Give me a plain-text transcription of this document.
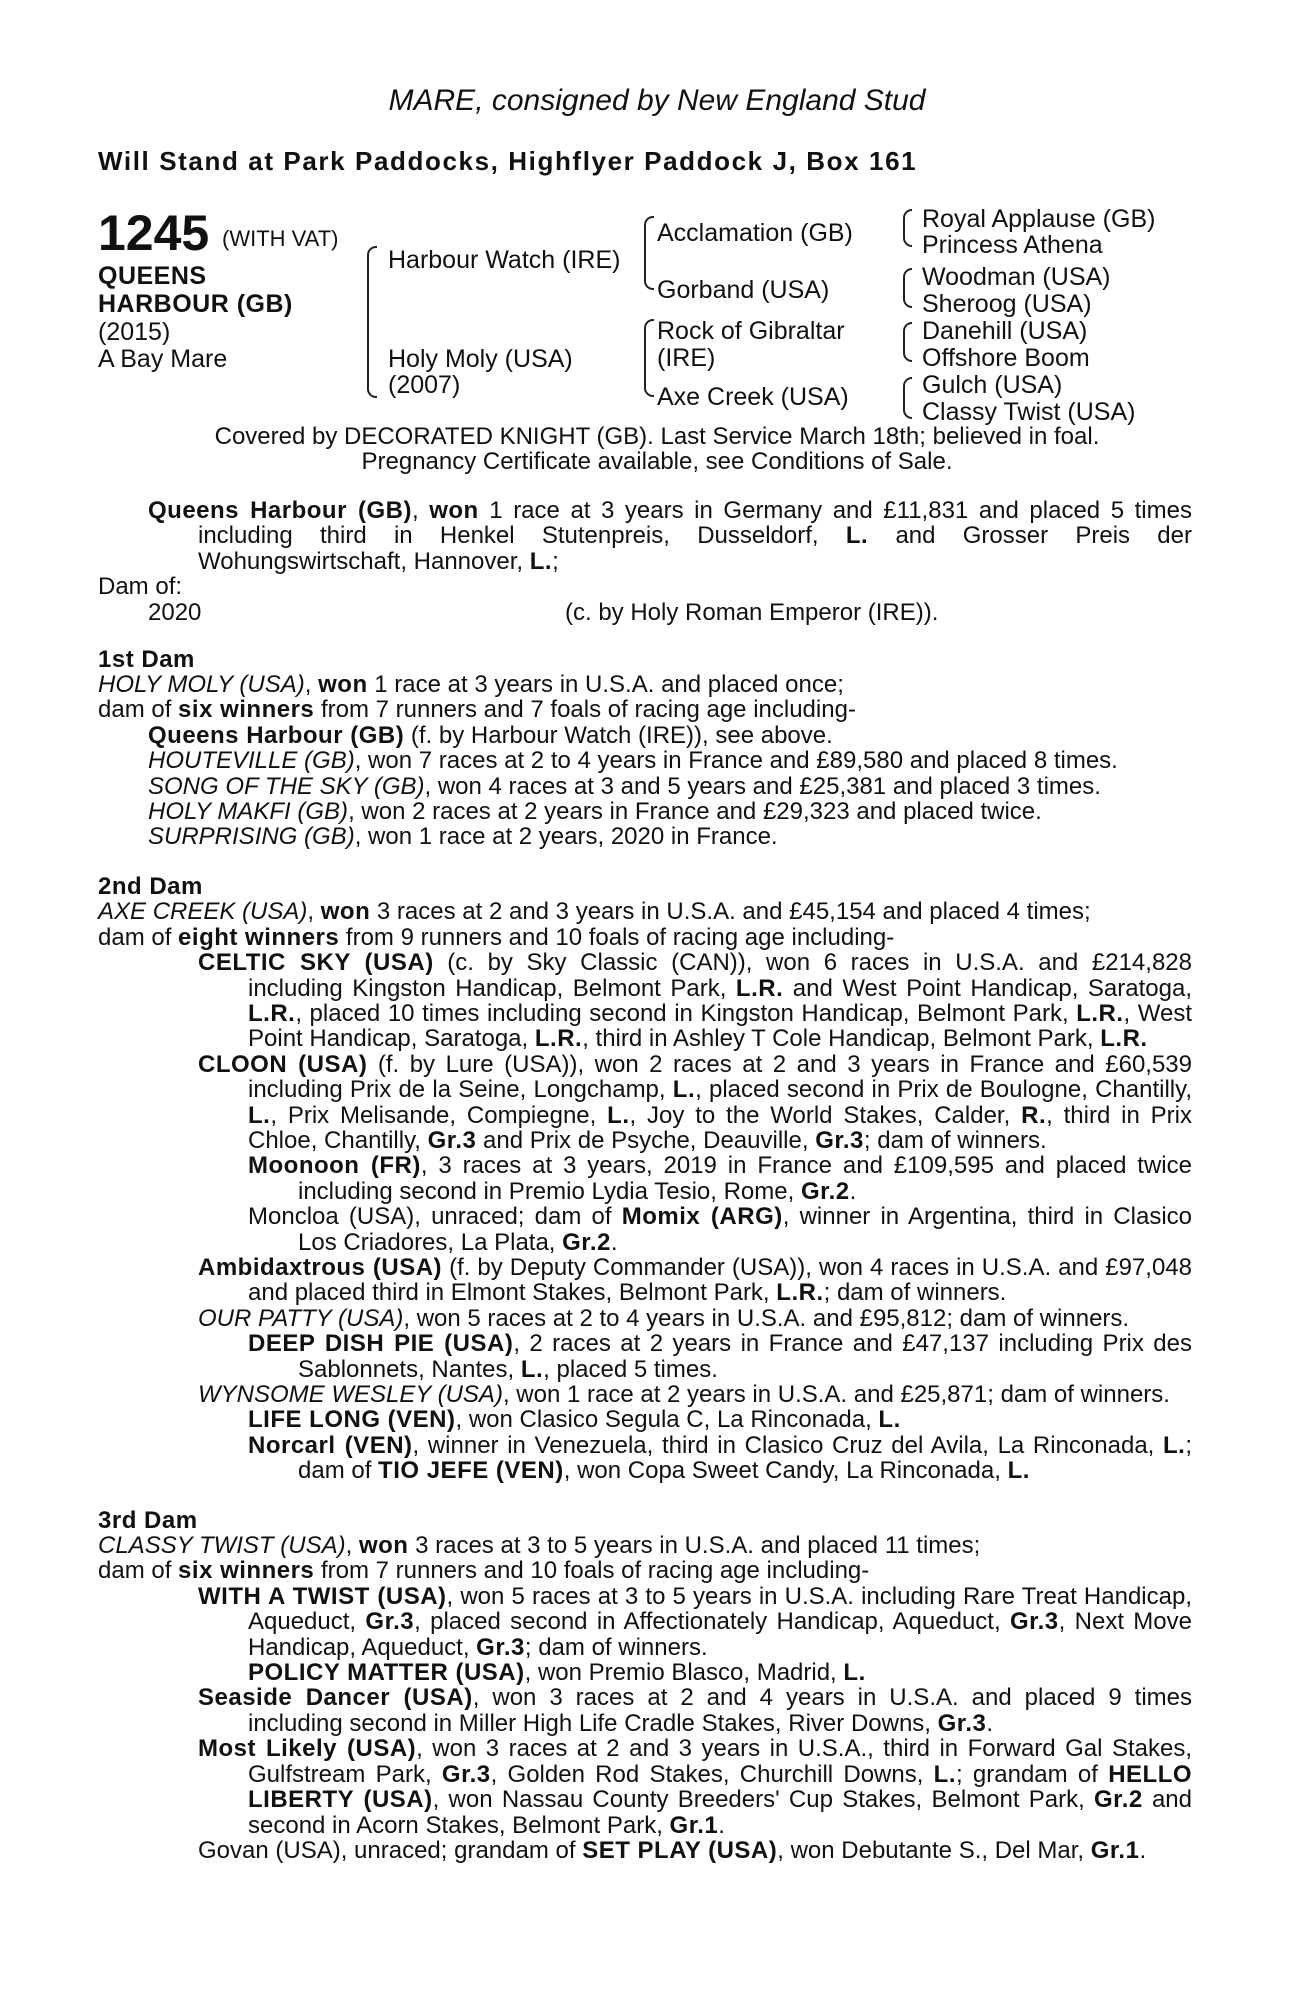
MARE, consigned by New England Stud
Will Stand at Park Paddocks, Highflyer Paddock J, Box 161
1245 (WITH VAT)
QUEENS
HARBOUR (GB)
(2015)
A Bay Mare
Harbour Watch (IRE)
Holy Moly (USA)
(2007)
Acclamation (GB)
Gorband (USA)
Rock of Gibraltar
(IRE)
Axe Creek (USA)
Royal Applause (GB)
Princess Athena
Woodman (USA)
Sheroog (USA)
Danehill (USA)
Offshore Boom
Gulch (USA)
Classy Twist (USA)
Covered by DECORATED KNIGHT (GB). Last Service March 18th; believed in foal.
Pregnancy Certificate available, see Conditions of Sale.

Queens Harbour (GB), won 1 race at 3 years in Germany and £11,831 and placed 5 times including third in Henkel Stutenpreis, Dusseldorf, L. and Grosser Preis der Wohungswirtschaft, Hannover, L.;

Dam of:

2020	(c. by Holy Roman Emperor (IRE)).

1st Dam

HOLY MOLY (USA), won 1 race at 3 years in U.S.A. and placed once;

dam of six winners from 7 runners and 7 foals of racing age including-

Queens Harbour (GB) (f. by Harbour Watch (IRE)), see above.

HOUTEVILLE (GB), won 7 races at 2 to 4 years in France and £89,580 and placed 8 times.

SONG OF THE SKY (GB), won 4 races at 3 and 5 years and £25,381 and placed 3 times.

HOLY MAKFI (GB), won 2 races at 2 years in France and £29,323 and placed twice.

SURPRISING (GB), won 1 race at 2 years, 2020 in France.

2nd Dam

AXE CREEK (USA), won 3 races at 2 and 3 years in U.S.A. and £45,154 and placed 4 times;

dam of eight winners from 9 runners and 10 foals of racing age including-

CELTIC SKY (USA) (c. by Sky Classic (CAN)), won 6 races in U.S.A. and £214,828 including Kingston Handicap, Belmont Park, L.R. and West Point Handicap, Saratoga, L.R., placed 10 times including second in Kingston Handicap, Belmont Park, L.R., West Point Handicap, Saratoga, L.R., third in Ashley T Cole Handicap, Belmont Park, L.R.

CLOON (USA) (f. by Lure (USA)), won 2 races at 2 and 3 years in France and £60,539 including Prix de la Seine, Longchamp, L., placed second in Prix de Boulogne, Chantilly, L., Prix Melisande, Compiegne, L., Joy to the World Stakes, Calder, R., third in Prix Chloe, Chantilly, Gr.3 and Prix de Psyche, Deauville, Gr.3; dam of winners.

Moonoon (FR), 3 races at 3 years, 2019 in France and £109,595 and placed twice including second in Premio Lydia Tesio, Rome, Gr.2.

Moncloa (USA), unraced; dam of Momix (ARG), winner in Argentina, third in Clasico Los Criadores, La Plata, Gr.2.

Ambidaxtrous (USA) (f. by Deputy Commander (USA)), won 4 races in U.S.A. and £97,048 and placed third in Elmont Stakes, Belmont Park, L.R.; dam of winners.

OUR PATTY (USA), won 5 races at 2 to 4 years in U.S.A. and £95,812; dam of winners.

DEEP DISH PIE (USA), 2 races at 2 years in France and £47,137 including Prix des Sablonnets, Nantes, L., placed 5 times.

WYNSOME WESLEY (USA), won 1 race at 2 years in U.S.A. and £25,871; dam of winners.

LIFE LONG (VEN), won Clasico Segula C, La Rinconada, L.

Norcarl (VEN), winner in Venezuela, third in Clasico Cruz del Avila, La Rinconada, L.; dam of TIO JEFE (VEN), won Copa Sweet Candy, La Rinconada, L.

3rd Dam

CLASSY TWIST (USA), won 3 races at 3 to 5 years in U.S.A. and placed 11 times;

dam of six winners from 7 runners and 10 foals of racing age including-

WITH A TWIST (USA), won 5 races at 3 to 5 years in U.S.A. including Rare Treat Handicap, Aqueduct, Gr.3, placed second in Affectionately Handicap, Aqueduct, Gr.3, Next Move Handicap, Aqueduct, Gr.3; dam of winners.

POLICY MATTER (USA), won Premio Blasco, Madrid, L.

Seaside Dancer (USA), won 3 races at 2 and 4 years in U.S.A. and placed 9 times including second in Miller High Life Cradle Stakes, River Downs, Gr.3.

Most Likely (USA), won 3 races at 2 and 3 years in U.S.A., third in Forward Gal Stakes, Gulfstream Park, Gr.3, Golden Rod Stakes, Churchill Downs, L.; grandam of HELLO LIBERTY (USA), won Nassau County Breeders' Cup Stakes, Belmont Park, Gr.2 and second in Acorn Stakes, Belmont Park, Gr.1.

Govan (USA), unraced; grandam of SET PLAY (USA), won Debutante S., Del Mar, Gr.1.
